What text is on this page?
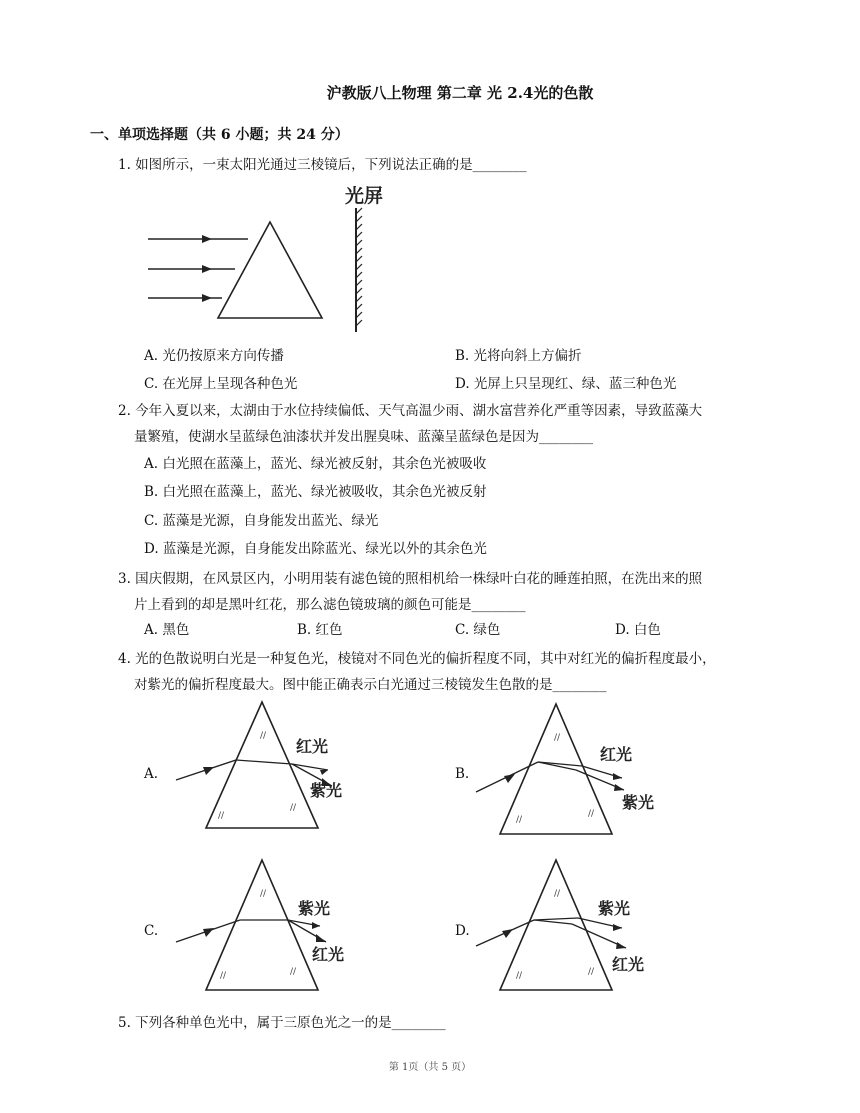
沪教版八上物理 第二章 光 2.4光的色散
一、单项选择题（共 6 小题；共 24 分）
1. 如图所示，一束太阳光通过三棱镜后，下列说法正确的是________
光屏
A. 光仍按原来方向传播	B. 光将向斜上方偏折
C. 在光屏上呈现各种色光	D. 光屏上只呈现红、绿、蓝三种色光
2. 今年入夏以来，太湖由于水位持续偏低、天气高温少雨、湖水富营养化严重等因素，导致蓝藻大
量繁殖，使湖水呈蓝绿色油漆状并发出腥臭味、蓝藻呈蓝绿色是因为________
A. 白光照在蓝藻上，蓝光、绿光被反射，其余色光被吸收
B. 白光照在蓝藻上，蓝光、绿光被吸收，其余色光被反射
C. 蓝藻是光源，自身能发出蓝光、绿光
D. 蓝藻是光源，自身能发出除蓝光、绿光以外的其余色光
3. 国庆假期，在风景区内，小明用装有滤色镜的照相机给一株绿叶白花的睡莲拍照，在洗出来的照
片上看到的却是黑叶红花，那么滤色镜玻璃的颜色可能是________
A. 黑色	B. 红色	C. 绿色	D. 白色
4. 光的色散说明白光是一种复色光，棱镜对不同色光的偏折程度不同，其中对红光的偏折程度最小，
对紫光的偏折程度最大。图中能正确表示白光通过三棱镜发生色散的是________
A.
红光
紫光
//
//
//
B.
红光
紫光
//
//
//
C.
紫光
红光
//
//	//
D.
紫光
红光
//
//	//
5. 下列各种单色光中，属于三原色光之一的是________
第 1页（共 5 页）
